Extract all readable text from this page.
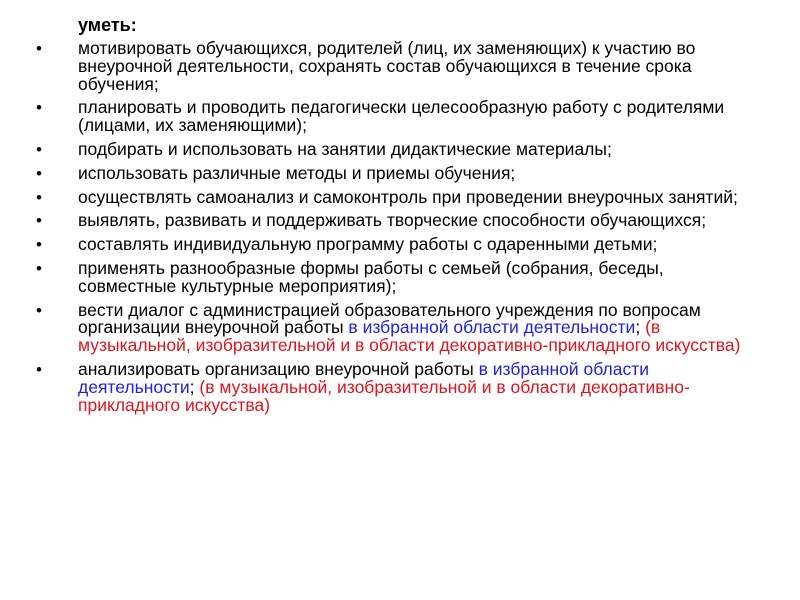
уметь:
• мотивировать обучающихся, родителей (лиц, их заменяющих) к участию во внеурочной деятельности, сохранять состав обучающихся в течение срока обучения;
• планировать и проводить педагогически целесообразную работу с родителями (лицами, их заменяющими);
• подбирать и использовать на занятии дидактические материалы;
• использовать различные методы и приемы обучения;
• осуществлять самоанализ и самоконтроль при проведении внеурочных занятий;
• выявлять, развивать и поддерживать творческие способности обучающихся;
• составлять индивидуальную программу работы с одаренными детьми;
• применять разнообразные формы работы с семьей (собрания, беседы, совместные культурные мероприятия);
• вести диалог с администрацией образовательного учреждения по вопросам организации внеурочной работы в избранной области деятельности; (в музыкальной, изобразительной и в области декоративно-прикладного искусства)
• анализировать организацию внеурочной работы в избранной области деятельности; (в музыкальной, изобразительной и в области декоративно-прикладного искусства)
